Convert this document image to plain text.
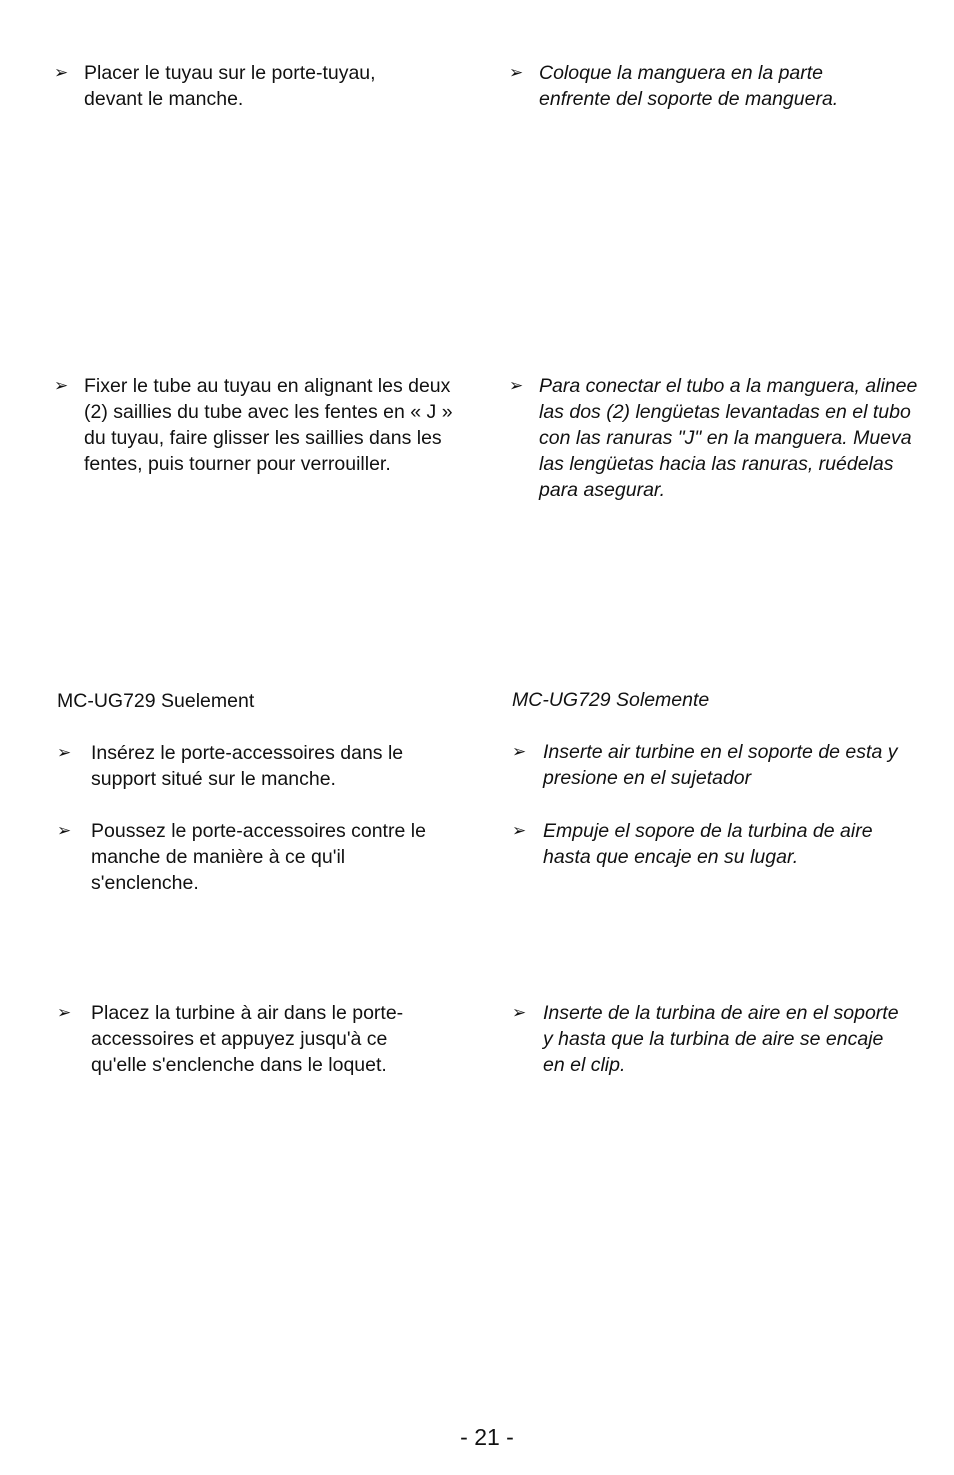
➢ Placer le tuyau sur le porte-tuyau, devant le manche.
➢ Coloque la manguera en la parte enfrente del soporte de manguera.
➢ Fixer le tube au tuyau en alignant les deux (2) saillies du tube avec les fentes en « J » du tuyau, faire glisser les saillies dans les fentes, puis tourner pour verrouiller.
➢ Para conectar el tubo a la manguera, alinee las dos (2) lengüetas levantadas en el tubo con las ranuras "J" en la manguera. Mueva las lengüetas hacia las ranuras, ruédelas para asegurar.
MC-UG729 Suelement	MC-UG729 Solemente
➢ Insérez le porte-accessoires dans le support situé sur le manche.
➢ Inserte air turbine en el soporte de esta y presione en el sujetador
➢ Poussez le porte-accessoires contre le manche de manière à ce qu'il s'enclenche.
➢ Empuje el sopore de la turbina de aire hasta que encaje en su lugar.
➢ Placez la turbine à air dans le porte-accessoires et appuyez jusqu'à ce qu'elle s'enclenche dans le loquet.
➢ Inserte de la turbina de aire en el soporte y hasta que la turbina de aire se encaje en el clip.
- 21 -
